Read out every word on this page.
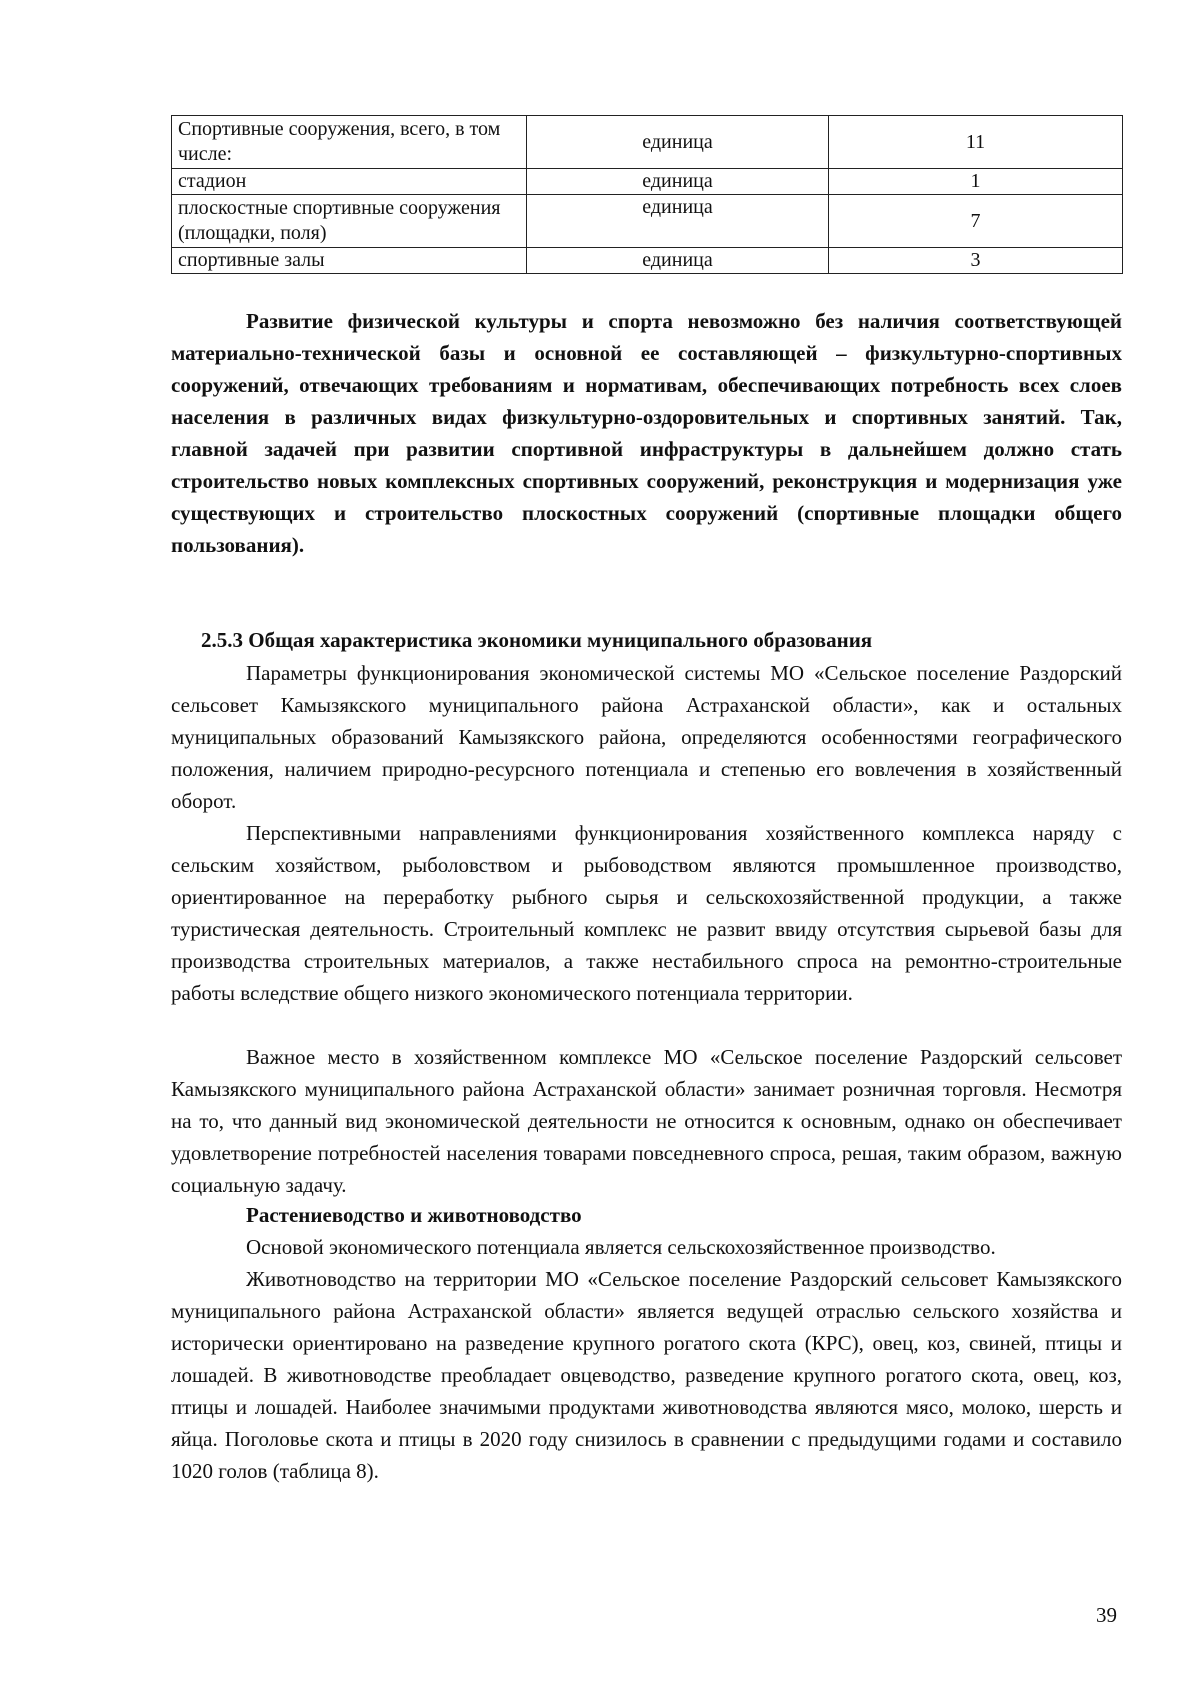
Спортивные сооружения, всего, в том числе:	единица	11
стадион	единица	1
плоскостные спортивные сооружения (площадки, поля)	единица	7
спортивные залы	единица	3

Развитие физической культуры и спорта невозможно без наличия соответствующей материально-технической базы и основной ее составляющей – физкультурно-спортивных сооружений, отвечающих требованиям и нормативам, обеспечивающих потребность всех слоев населения в различных видах физкультурно-оздоровительных и спортивных занятий. Так, главной задачей при развитии спортивной инфраструктуры в дальнейшем должно стать строительство новых комплексных спортивных сооружений, реконструкция и модернизация уже существующих и строительство плоскостных сооружений (спортивные площадки общего пользования).

2.5.3 Общая характеристика экономики муниципального образования

Параметры функционирования экономической системы МО «Сельское поселение Раздорский сельсовет Камызякского муниципального района Астраханской области», как и остальных муниципальных образований Камызякского района, определяются особенностями географического положения, наличием природно-ресурсного потенциала и степенью его вовлечения в хозяйственный оборот.

Перспективными направлениями функционирования хозяйственного комплекса наряду с сельским хозяйством, рыболовством и рыбоводством являются промышленное производство, ориентированное на переработку рыбного сырья и сельскохозяйственной продукции, а также туристическая деятельность. Строительный комплекс не развит ввиду отсутствия сырьевой базы для производства строительных материалов, а также нестабильного спроса на ремонтно-строительные работы вследствие общего низкого экономического потенциала территории.

Важное место в хозяйственном комплексе МО «Сельское поселение Раздорский сельсовет Камызякского муниципального района Астраханской области» занимает розничная торговля. Несмотря на то, что данный вид экономической деятельности не относится к основным, однако он обеспечивает удовлетворение потребностей населения товарами повседневного спроса, решая, таким образом, важную социальную задачу.

Растениеводство и животноводство

Основой экономического потенциала является сельскохозяйственное производство.

Животноводство на территории МО «Сельское поселение Раздорский сельсовет Камызякского муниципального района Астраханской области» является ведущей отраслью сельского хозяйства и исторически ориентировано на разведение крупного рогатого скота (КРС), овец, коз, свиней, птицы и лошадей. В животноводстве преобладает овцеводство, разведение крупного рогатого скота, овец, коз, птицы и лошадей. Наиболее значимыми продуктами животноводства являются мясо, молоко, шерсть и яйца. Поголовье скота и птицы в 2020 году снизилось в сравнении с предыдущими годами и составило 1020 голов (таблица 8).

39
